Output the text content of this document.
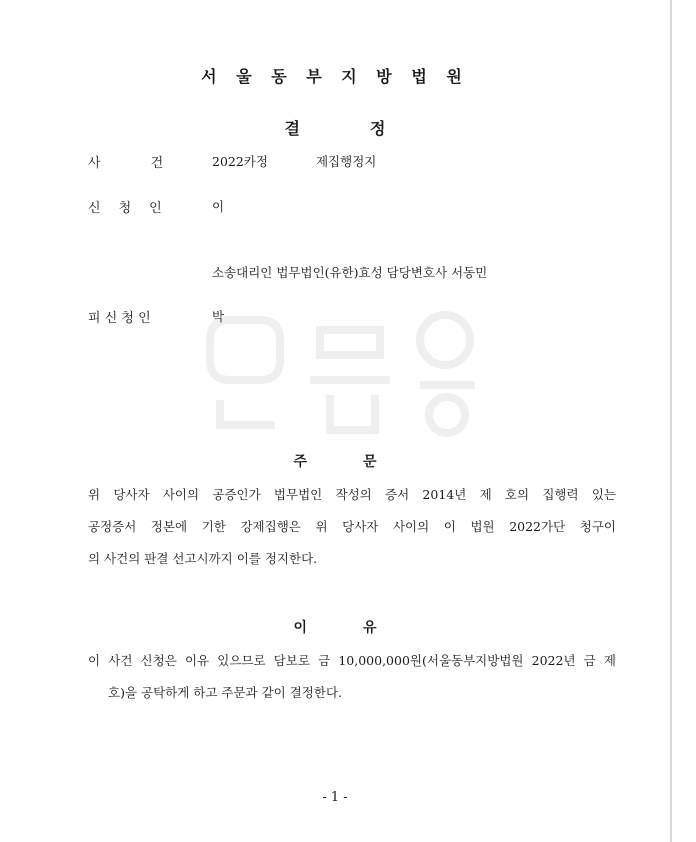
서 울 동 부 지 방 법 원
결	정
사	건	2022카정	제집행정지
신 청 인	이
소송대리인 법무법인(유한)효성 담당변호사 서동민
피 신 청 인	박
주	문
위 당사자 사이의 공증인가 법무법인 작성의 증서 2014년 제 호의 집행력 있는
공정증서 정본에 기한 강제집행은 위 당사자 사이의 이 법원 2022가단 청구이
의 사건의 판결 선고시까지 이를 정지한다.
이	유
이 사건 신청은 이유 있으므로 담보로 금 10,000,000원(서울동부지방법원 2022년 금 제
호)을 공탁하게 하고 주문과 같이 결정한다.
- 1 -
